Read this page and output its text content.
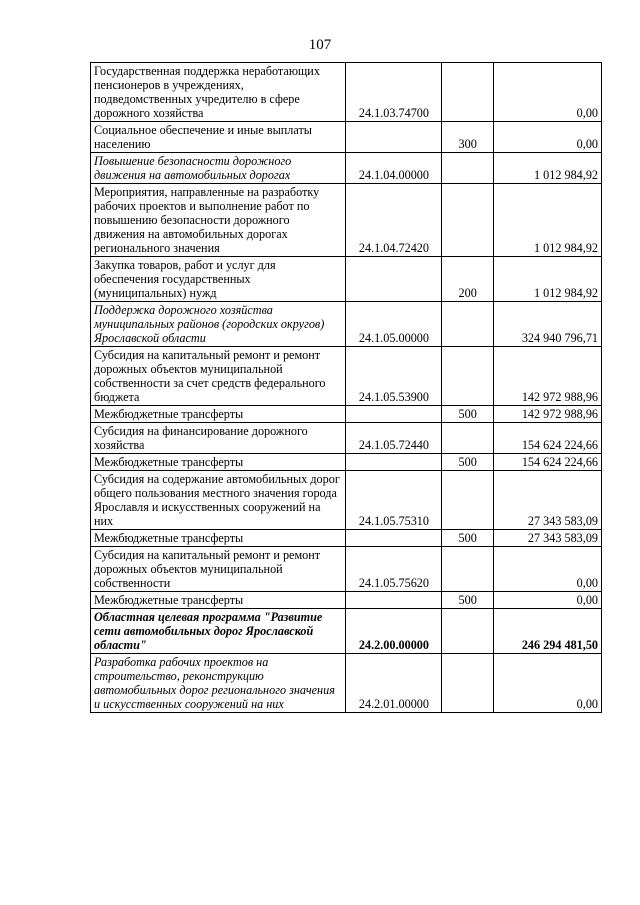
107
Государственная поддержка неработающих пенсионеров в учреждениях, подведомственных учредителю в сфере дорожного хозяйства	24.1.03.74700		0,00
Социальное обеспечение и иные выплаты населению		300	0,00
Повышение безопасности дорожного движения на автомобильных дорогах	24.1.04.00000		1 012 984,92
Мероприятия, направленные на разработку рабочих проектов и выполнение работ по повышению безопасности дорожного движения на автомобильных дорогах регионального значения	24.1.04.72420		1 012 984,92
Закупка товаров, работ и услуг для обеспечения государственных (муниципальных) нужд		200	1 012 984,92
Поддержка дорожного хозяйства муниципальных районов (городских округов) Ярославской области	24.1.05.00000		324 940 796,71
Субсидия на капитальный ремонт и ремонт дорожных объектов муниципальной собственности за счет средств федерального бюджета	24.1.05.53900		142 972 988,96
Межбюджетные трансферты		500	142 972 988,96
Субсидия на финансирование дорожного хозяйства	24.1.05.72440		154 624 224,66
Межбюджетные трансферты		500	154 624 224,66
Субсидия на содержание автомобильных дорог общего пользования местного значения города Ярославля и искусственных сооружений на них	24.1.05.75310		27 343 583,09
Межбюджетные трансферты		500	27 343 583,09
Субсидия на капитальный ремонт и ремонт дорожных объектов муниципальной собственности	24.1.05.75620		0,00
Межбюджетные трансферты		500	0,00
Областная целевая программа "Развитие сети автомобильных дорог Ярославской области"	24.2.00.00000		246 294 481,50
Разработка рабочих проектов на строительство, реконструкцию автомобильных дорог регионального значения и искусственных сооружений на них	24.2.01.00000		0,00
